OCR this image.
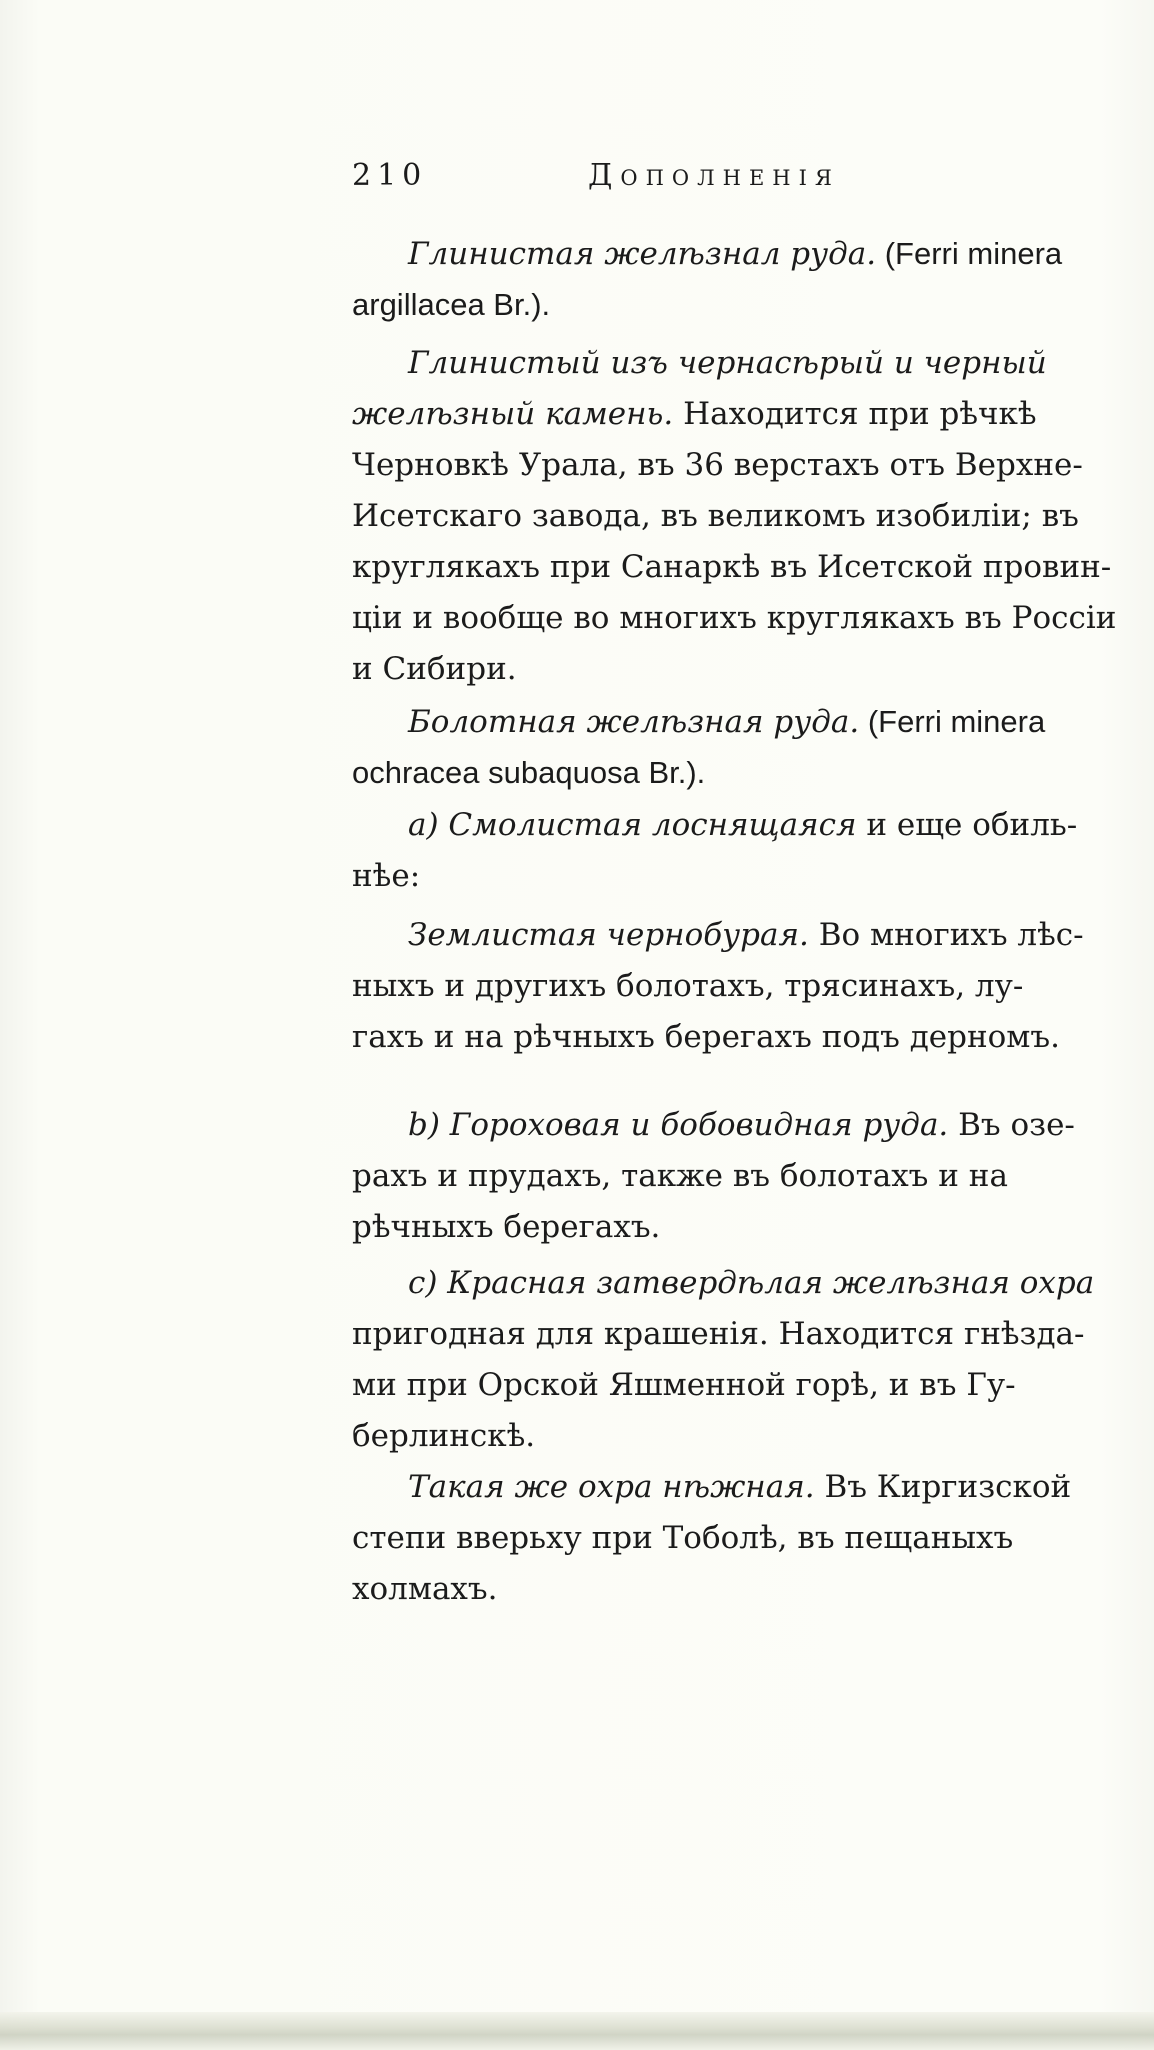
210	Дополненія
Глинистая желѣзнал руда. (Ferri minera
argillacea Br.).
Глинистый изъ чернасѣрый и черный
желѣзный камень. Находится при рѣчкѣ
Черновкѣ Урала, въ 36 верстахъ отъ Верхне-
Исетскаго завода, въ великомъ изобиліи; въ
круглякахъ при Санаркѣ въ Исетской провин-
ціи и вообще во многихъ круглякахъ въ Россіи
и Сибири.
Болотная желѣзная руда. (Ferri minera
ochracea subaquosa Br.).
a) Смолистая лоснящаяся и еще обиль-
нѣе:
Землистая чернобурая. Во многихъ лѣс-
ныхъ и другихъ болотахъ, трясинахъ, лу-
гахъ и на рѣчныхъ берегахъ подъ дерномъ.
b) Гороховая и бобовидная руда. Въ озе-
рахъ и прудахъ, также въ болотахъ и на
рѣчныхъ берегахъ.
c) Красная затвердѣлая желѣзная охра
пригодная для крашенія. Находится гнѣзда-
ми при Орской Яшменной горѣ, и въ Гу-
берлинскѣ.
Такая же охра нѣжная. Въ Киргизской
степи вверьху при Тоболѣ, въ пещаныхъ
холмахъ.
